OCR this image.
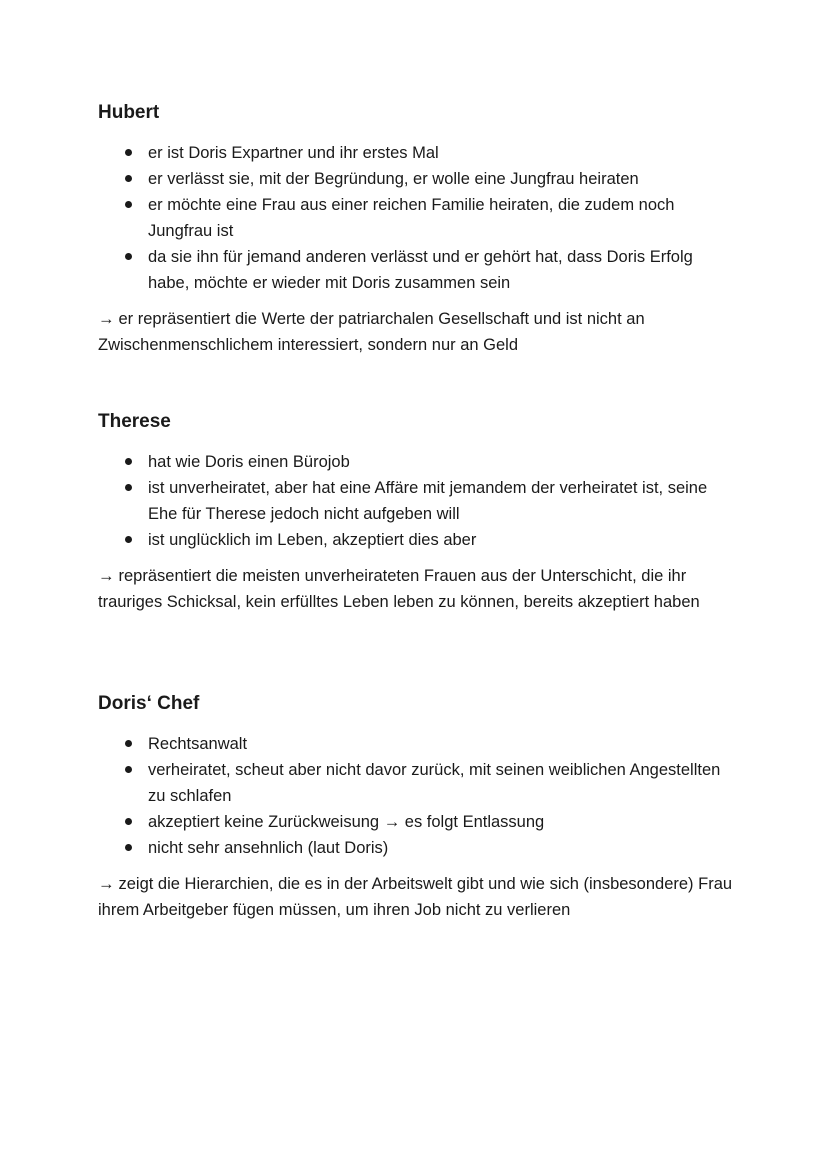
Hubert
er ist Doris Expartner und ihr erstes Mal
er verlässt sie, mit der Begründung, er wolle eine Jungfrau heiraten
er möchte eine Frau aus einer reichen Familie heiraten, die zudem noch Jungfrau ist
da sie ihn für jemand anderen verlässt und er gehört hat, dass Doris Erfolg habe, möchte er wieder mit Doris zusammen sein

→ er repräsentiert die Werte der patriarchalen Gesellschaft und ist nicht an Zwischenmenschlichem interessiert, sondern nur an Geld

Therese
hat wie Doris einen Bürojob
ist unverheiratet, aber hat eine Affäre mit jemandem der verheiratet ist, seine Ehe für Therese jedoch nicht aufgeben will
ist unglücklich im Leben, akzeptiert dies aber

→ repräsentiert die meisten unverheirateten Frauen aus der Unterschicht, die ihr trauriges Schicksal, kein erfülltes Leben leben zu können, bereits akzeptiert haben

Doris‘ Chef
Rechtsanwalt
verheiratet, scheut aber nicht davor zurück, mit seinen weiblichen Angestellten zu schlafen
akzeptiert keine Zurückweisung → es folgt Entlassung
nicht sehr ansehnlich (laut Doris)

→ zeigt die Hierarchien, die es in der Arbeitswelt gibt und wie sich (insbesondere) Frau ihrem Arbeitgeber fügen müssen, um ihren Job nicht zu verlieren
